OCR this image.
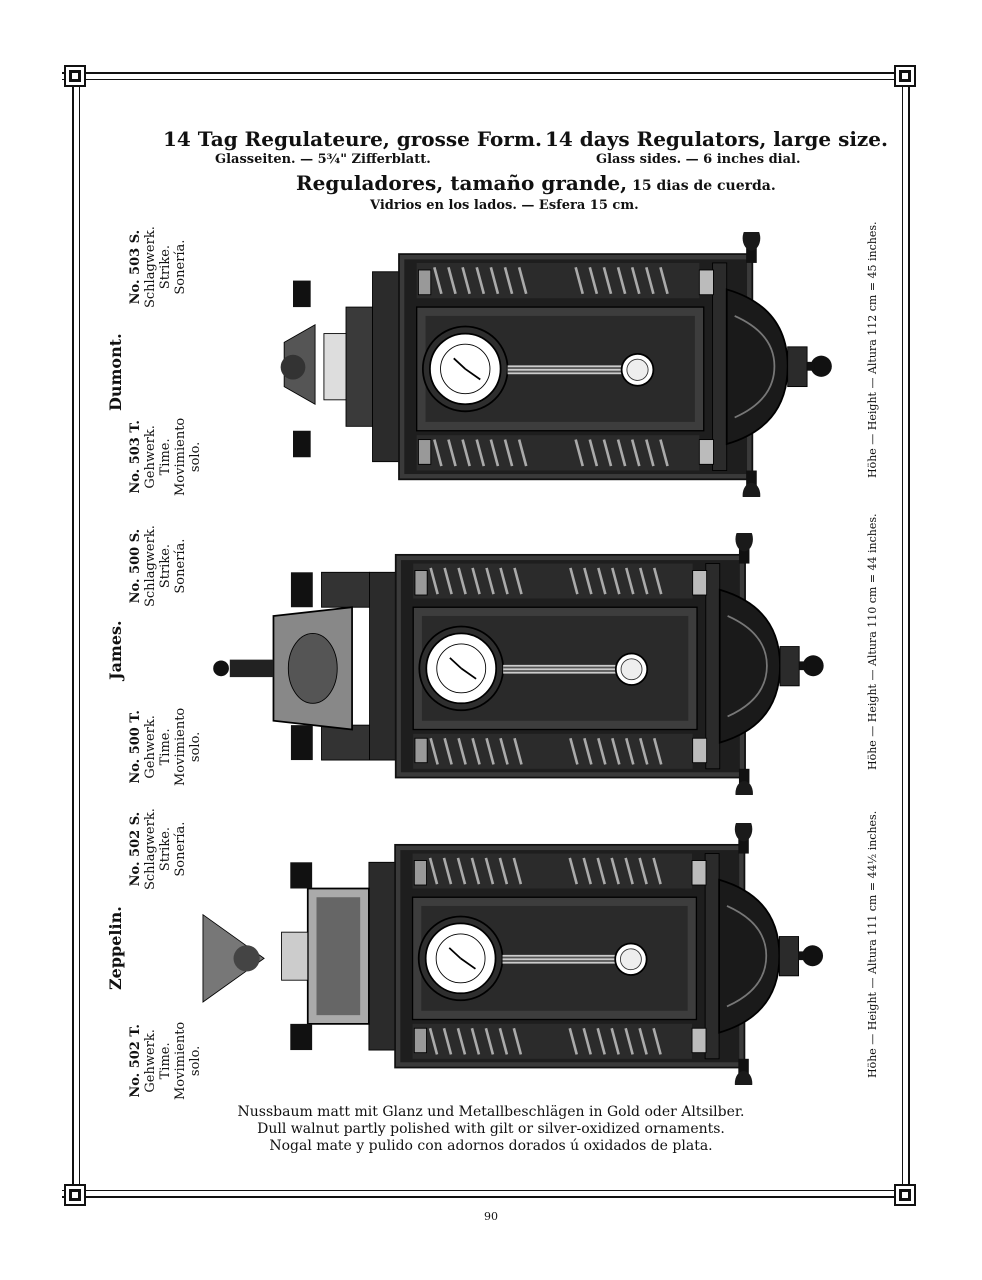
14 Tag Regulateure, grosse Form.
Glasseiten. — 5¾" Zifferblatt.
14 days Regulators, large size.
Glass sides. — 6 inches dial.
Reguladores, tamaño grande, 15 dias de cuerda.
Vidrios en los lados. — Esfera 15 cm.
Dumont.
No. 503 S.
Schlagwerk.
Strike.
Sonería.
No. 503 T.
Gehwerk.
Time.
Movimiento
solo.	Höhe — Height — Altura 112 cm = 45 inches.
James.
No. 500 S.
Schlagwerk.
Strike.
Sonería.
No. 500 T.
Gehwerk.
Time.
Movimiento
solo.	Höhe — Height — Altura 110 cm = 44 inches.
Zeppelin.
No. 502 S.
Schlagwerk.
Strike.
Sonería.
No. 502 T.
Gehwerk.
Time.
Movimiento
solo.	Höhe — Height — Altura 111 cm = 44½ inches.
Nussbaum matt mit Glanz und Metallbeschlägen in Gold oder Altsilber.
Dull walnut partly polished with gilt or silver-oxidized ornaments.
Nogal mate y pulido con adornos dorados ú oxidados de plata.
90
